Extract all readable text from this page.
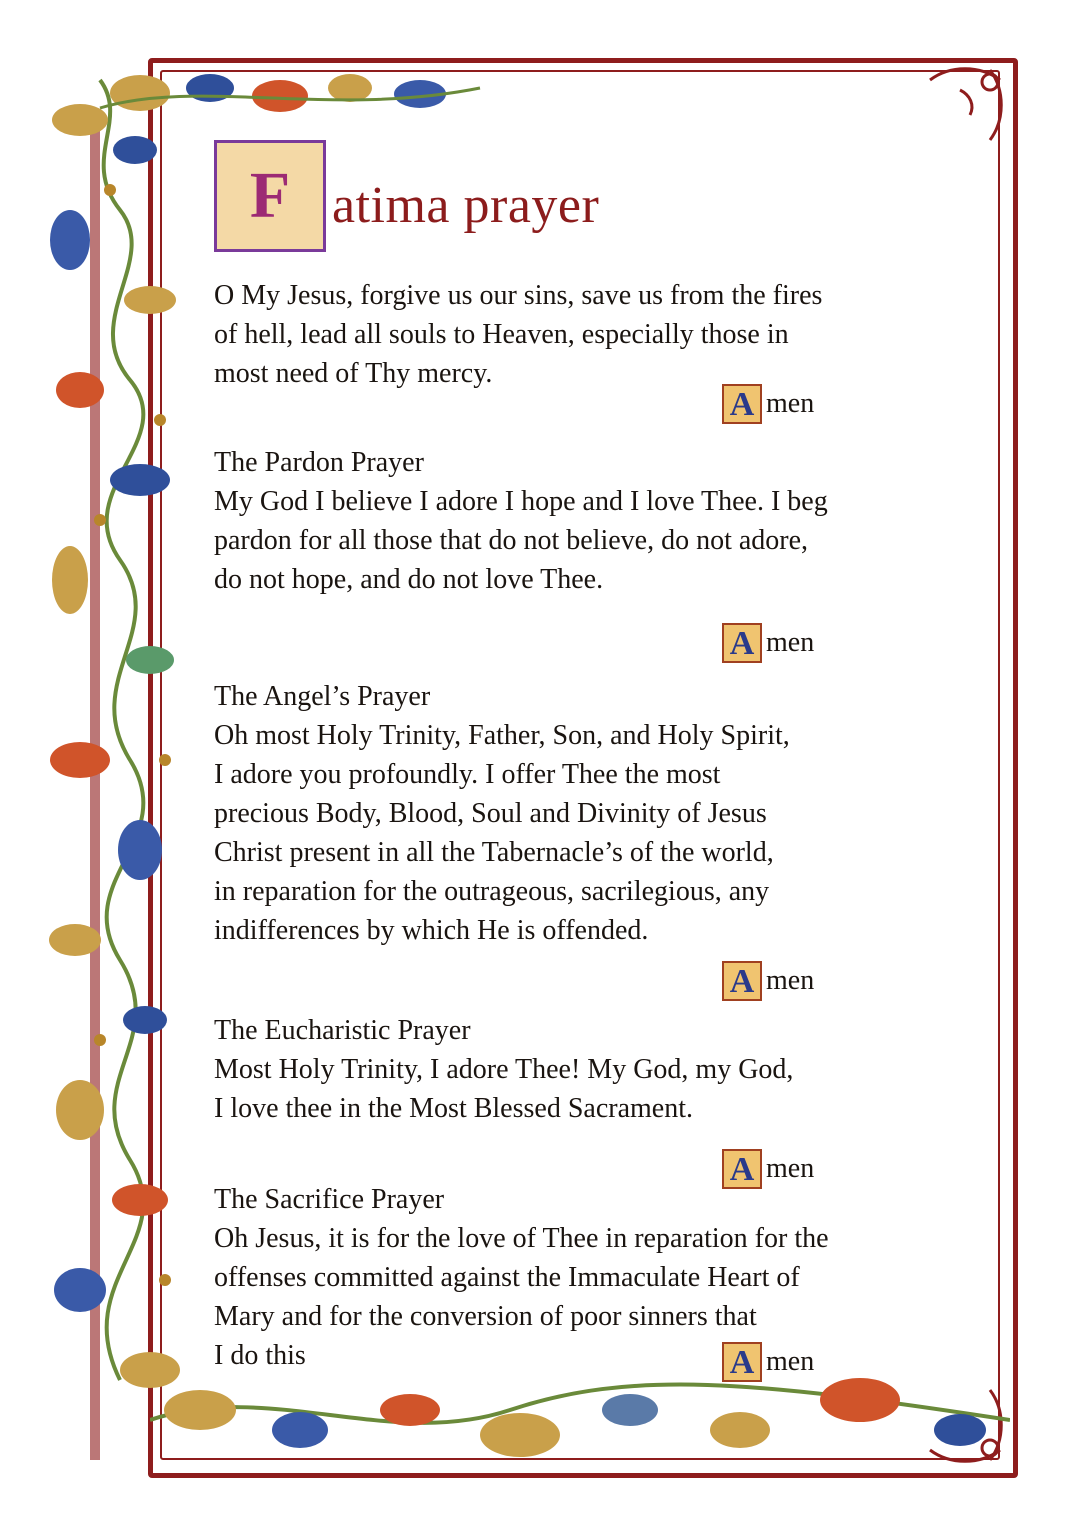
F atima prayer
O My Jesus, forgive us our sins, save us from the fires
of hell, lead all souls to Heaven, especially those in
most need of Thy mercy.
A men
The Pardon Prayer
My God I believe I adore I hope and I love Thee. I beg
pardon for all those that do not believe, do not adore,
do not hope, and do not love Thee.
A men
The Angel’s Prayer
Oh most Holy Trinity, Father, Son, and Holy Spirit,
I adore you profoundly. I offer Thee the most
precious Body, Blood, Soul and Divinity of Jesus
Christ present in all the Tabernacle’s of the world,
in reparation for the outrageous, sacrilegious, any
indifferences by which He is offended.
A men
The Eucharistic Prayer
Most Holy Trinity, I adore Thee! My God, my God,
I love thee in the Most Blessed Sacrament.
A men
The Sacrifice Prayer
Oh Jesus, it is for the love of Thee in reparation for the
offenses committed against the Immaculate Heart of
Mary and for the conversion of poor sinners that
I do this	A men
